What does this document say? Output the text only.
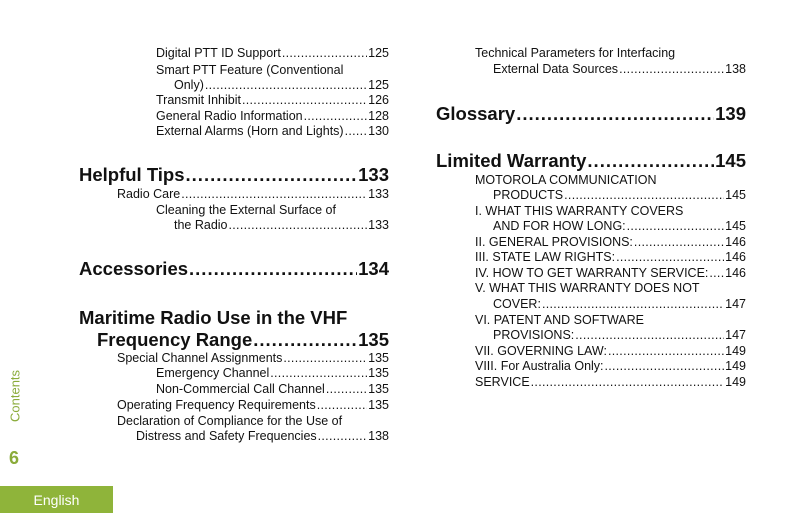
Digital PTT ID Support .....	125
Smart PTT Feature (Conventional
Only) .....	125
Transmit Inhibit .....	126
General Radio Information .....	128
External Alarms (Horn and Lights) ..... 130
Helpful Tips .....	133
Radio Care .....	133
Cleaning the External Surface of
the Radio .....	133
Accessories .....	134
Maritime Radio Use in the VHF
Frequency Range .....	135
Special Channel Assignments .....	135
Emergency Channel .....	135
Non-Commercial Call Channel .....	135
Operating Frequency Requirements .....	135
Declaration of Compliance for the Use of
Distress and Safety Frequencies .....	138
Technical Parameters for Interfacing
External Data Sources .....	138
Glossary .....	139
Limited Warranty .....	145
MOTOROLA COMMUNICATION
PRODUCTS .....	145
I. WHAT THIS WARRANTY COVERS
AND FOR HOW LONG: .....	145
II. GENERAL PROVISIONS: .....	146
III. STATE LAW RIGHTS: .....	146
IV. HOW TO GET WARRANTY SERVICE: ..... 146
V. WHAT THIS WARRANTY DOES NOT
COVER: .....	147
VI. PATENT AND SOFTWARE
PROVISIONS: .....	147
VII. GOVERNING LAW: .....	149
VIII. For Australia Only: .....	149
SERVICE .....	149
Contents
6
English
